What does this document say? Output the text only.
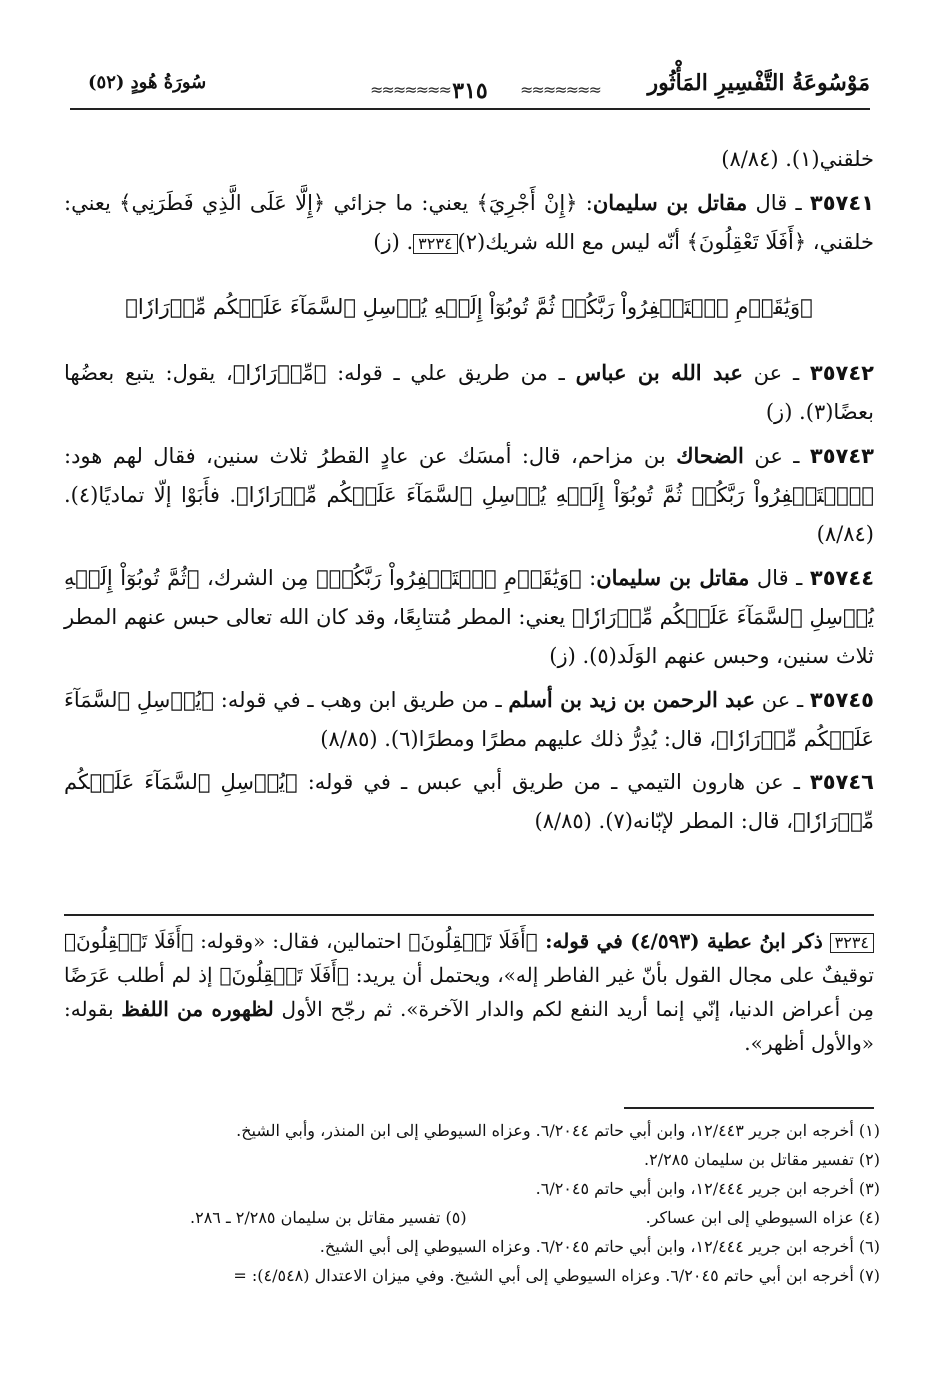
مَوْسُوعَةُ التَّفْسِيرِ المَأْثُور
≈≈≈≈≈≈≈ ٣١٥	≈≈≈≈≈≈≈
سُورَةُ هُودٍ (٥٢)

خلقني(١). (٨/٨٤)

٣٥٧٤١ ـ قال مقاتل بن سليمان: ﴿إِنْ أَجْرِيَ﴾ يعني: ما جزائي ﴿إِلَّا عَلَى الَّذِي فَطَرَنِي﴾ يعني: خلقني، ﴿أَفَلَا تَعْقِلُونَ﴾ أنّه ليس مع الله شريك(٢)٣٢٣٤. (ز)

﴿وَيَٰقَوۡمِ ٱسۡتَغۡفِرُواْ رَبَّكُمۡ ثُمَّ تُوبُوٓاْ إِلَيۡهِ يُرۡسِلِ ٱلسَّمَآءَ عَلَيۡكُم مِّدۡرَارٗا﴾

٣٥٧٤٢ ـ عن عبد الله بن عباس ـ من طريق علي ـ قوله: ﴿مِّدۡرَارٗا﴾، يقول: يتبع بعضُها بعضًا(٣). (ز)

٣٥٧٤٣ ـ عن الضحاك بن مزاحم، قال: أمسَك عن عادٍ القطرُ ثلاث سنين، فقال لهم هود: ﴿ٱسۡتَغۡفِرُواْ رَبَّكُمۡ ثُمَّ تُوبُوٓاْ إِلَيۡهِ يُرۡسِلِ ٱلسَّمَآءَ عَلَيۡكُم مِّدۡرَارٗا﴾. فأَبَوْا إلّا تماديًا(٤). (٨/٨٤)

٣٥٧٤٤ ـ قال مقاتل بن سليمان: ﴿وَيَٰقَوۡمِ ٱسۡتَغۡفِرُواْ رَبَّكُمۡ﴾ مِن الشرك، ﴿ثُمَّ تُوبُوٓاْ إِلَيۡهِ يُرۡسِلِ ٱلسَّمَآءَ عَلَيۡكُم مِّدۡرَارٗا﴾ يعني: المطر مُتتابِعًا، وقد كان الله تعالى حبس عنهم المطر ثلاث سنين، وحبس عنهم الوَلَد(٥). (ز)

٣٥٧٤٥ ـ عن عبد الرحمن بن زيد بن أسلم ـ من طريق ابن وهب ـ في قوله: ﴿يُرۡسِلِ ٱلسَّمَآءَ عَلَيۡكُم مِّدۡرَارٗا﴾، قال: يُدِرُّ ذلك عليهم مطرًا ومطرًا(٦). (٨/٨٥)

٣٥٧٤٦ ـ عن هارون التيمي ـ من طريق أبي عبس ـ في قوله: ﴿يُرۡسِلِ ٱلسَّمَآءَ عَلَيۡكُم مِّدۡرَارٗا﴾، قال: المطر لإبّانه(٧). (٨/٨٥)

٣٢٣٤ ذكر ابنُ عطية (٤/٥٩٣) في قوله: ﴿أَفَلَا تَعۡقِلُونَ﴾ احتمالين، فقال: «وقوله: ﴿أَفَلَا تَعۡقِلُونَ﴾ توقيفٌ على مجال القول بأنّ غير الفاطر إله»، ويحتمل أن يريد: ﴿أَفَلَا تَعۡقِلُونَ﴾ إذ لم أطلب عَرَضًا مِن أعراض الدنيا، إنّي إنما أريد النفع لكم والدار الآخرة». ثم رجّح الأول لظهوره من اللفظ بقوله: «والأول أظهر».
(١) أخرجه ابن جرير ١٢/٤٤٣، وابن أبي حاتم ٦/٢٠٤٤. وعزاه السيوطي إلى ابن المنذر، وأبي الشيخ.
(٢) تفسير مقاتل بن سليمان ٢/٢٨٥.
(٣) أخرجه ابن جرير ١٢/٤٤٤، وابن أبي حاتم ٦/٢٠٤٥.
(٤) عزاه السيوطي إلى ابن عساكر.
(٥) تفسير مقاتل بن سليمان ٢/٢٨٥ ـ ٢٨٦.
(٦) أخرجه ابن جرير ١٢/٤٤٤، وابن أبي حاتم ٦/٢٠٤٥. وعزاه السيوطي إلى أبي الشيخ.
(٧) أخرجه ابن أبي حاتم ٦/٢٠٤٥. وعزاه السيوطي إلى أبي الشيخ. وفي ميزان الاعتدال (٤/٥٤٨): =
